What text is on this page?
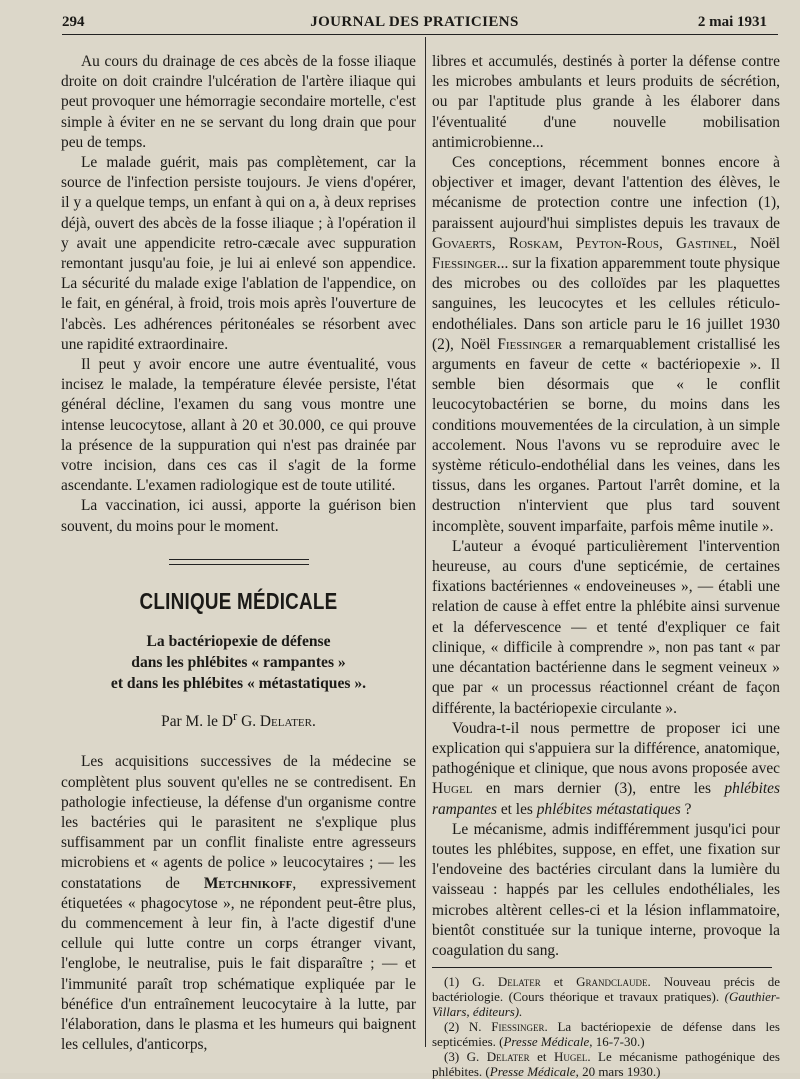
294	JOURNAL DES PRATICIENS	2 mai 1931

Au cours du drainage de ces abcès de la fosse iliaque droite on doit craindre l'ulcération de l'artère iliaque qui peut provoquer une hémorragie secondaire mortelle, c'est simple à éviter en ne se servant du long drain que pour peu de temps.

Le malade guérit, mais pas complètement, car la source de l'infection persiste toujours. Je viens d'opérer, il y a quelque temps, un enfant à qui on a, à deux reprises déjà, ouvert des abcès de la fosse iliaque ; à l'opération il y avait une appendicite retro-cæcale avec suppuration remontant jusqu'au foie, je lui ai enlevé son appendice. La sécurité du malade exige l'ablation de l'appendice, on le fait, en général, à froid, trois mois après l'ouverture de l'abcès. Les adhérences péritonéales se résorbent avec une rapidité extraordinaire.

Il peut y avoir encore une autre éventualité, vous incisez le malade, la température élevée persiste, l'état général décline, l'examen du sang vous montre une intense leucocytose, allant à 20 et 30.000, ce qui prouve la présence de la suppuration qui n'est pas drainée par votre incision, dans ces cas il s'agit de la forme ascendante. L'examen radiologique est de toute utilité.

La vaccination, ici aussi, apporte la guérison bien souvent, du moins pour le moment.

CLINIQUE MÉDICALE
La bactériopexie de défense
dans les phlébites « rampantes »
et dans les phlébites « métastatiques ».
Par M. le $D^r$ G. Delater.

Les acquisitions successives de la médecine se complètent plus souvent qu'elles ne se contredisent. En pathologie infectieuse, la défense d'un organisme contre les bactéries qui le parasitent ne s'explique plus suffisamment par un conflit finaliste entre agresseurs microbiens et « agents de police » leucocytaires ; — les constatations de Metchnikoff, expressivement étiquetées « phagocytose », ne répondent peut-être plus, du commencement à leur fin, à l'acte digestif d'une cellule qui lutte contre un corps étranger vivant, l'englobe, le neutralise, puis le fait disparaître ; — et l'immunité paraît trop schématique expliquée par le bénéfice d'un entraînement leucocytaire à la lutte, par l'élaboration, dans le plasma et les humeurs qui baignent les cellules, d'anticorps,

libres et accumulés, destinés à porter la défense contre les microbes ambulants et leurs produits de sécrétion, ou par l'aptitude plus grande à les élaborer dans l'éventualité d'une nouvelle mobilisation antimicrobienne...

Ces conceptions, récemment bonnes encore à objectiver et imager, devant l'attention des élèves, le mécanisme de protection contre une infection (1), paraissent aujourd'hui simplistes depuis les travaux de Govaerts, Roskam, Peyton-Rous, Gastinel, Noël Fiessinger... sur la fixation apparemment toute physique des microbes ou des colloïdes par les plaquettes sanguines, les leucocytes et les cellules réticulo-endothéliales. Dans son article paru le 16 juillet 1930 (2), Noël Fiessinger a remarquablement cristallisé les arguments en faveur de cette « bactériopexie ». Il semble bien désormais que « le conflit leucocytobactérien se borne, du moins dans les conditions mouvementées de la circulation, à un simple accolement. Nous l'avons vu se reproduire avec le système réticulo-endothélial dans les veines, dans les tissus, dans les organes. Partout l'arrêt domine, et la destruction n'intervient que plus tard souvent incomplète, souvent imparfaite, parfois même inutile ».

L'auteur a évoqué particulièrement l'intervention heureuse, au cours d'une septicémie, de certaines fixations bactériennes « endoveineuses », — établi une relation de cause à effet entre la phlébite ainsi survenue et la défervescence — et tenté d'expliquer ce fait clinique, « difficile à comprendre », non pas tant « par une décantation bactérienne dans le segment veineux » que par « un processus réactionnel créant de façon différente, la bactériopexie circulante ».

Voudra-t-il nous permettre de proposer ici une explication qui s'appuiera sur la différence, anatomique, pathogénique et clinique, que nous avons proposée avec Hugel en mars dernier (3), entre les phlébites rampantes et les phlébites métastatiques ?

Le mécanisme, admis indifféremment jusqu'ici pour toutes les phlébites, suppose, en effet, une fixation sur l'endoveine des bactéries circulant dans la lumière du vaisseau : happés par les cellules endothéliales, les microbes altèrent celles-ci et la lésion inflammatoire, bientôt constituée sur la tunique interne, provoque la coagulation du sang.

(1) G. Delater et Grandclaude. Nouveau précis de bactériologie. (Cours théorique et travaux pratiques). (Gauthier-Villars, éditeurs).

(2) N. Fiessinger. La bactériopexie de défense dans les septicémies. (Presse Médicale, 16-7-30.)

(3) G. Delater et Hugel. Le mécanisme pathogénique des phlébites. (Presse Médicale, 20 mars 1930.)
